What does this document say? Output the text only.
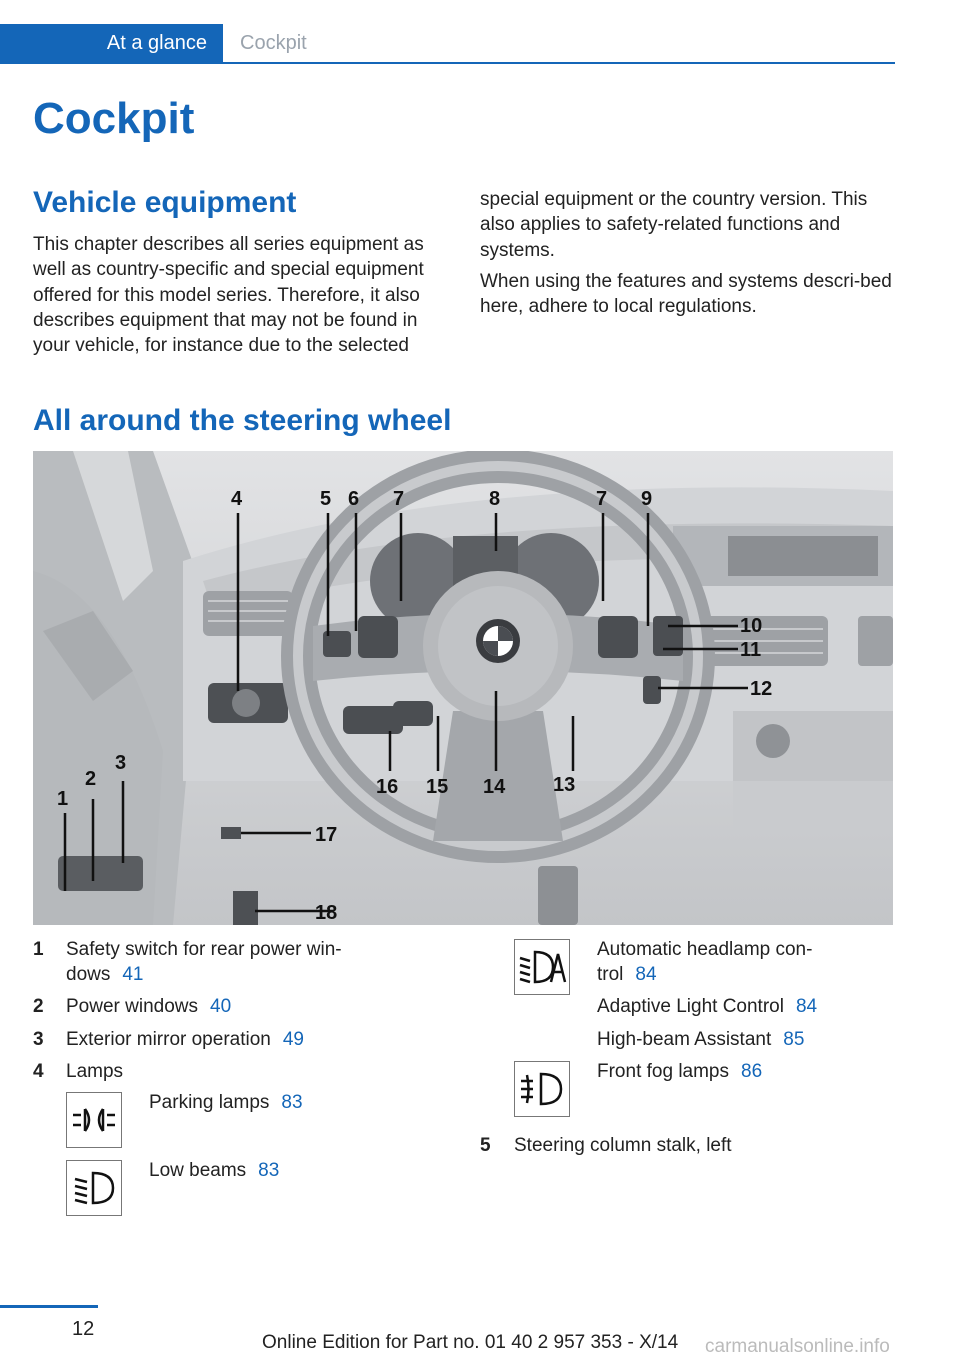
At a glance	Cockpit
Cockpit
Vehicle equipment

This chapter describes all series equipment as well as country-specific and special equipment offered for this model series. Therefore, it also describes equipment that may not be found in your vehicle, for instance due to the selected

special equipment or the country version. This also applies to safety-related functions and systems.

When using the features and systems descri-bed here, adhere to local regulations.

All around the steering wheel
1
2
3
4	5 6 7	8	7 9
10
11
12
13
14
15
16
17
18
1 Safety switch for rear power win-
dows 41
2 Power windows 40
3 Exterior mirror operation 49
4 Lamps
Parking lamps 83
Low beams 83
Automatic headlamp con-
trol 84
Adaptive Light Control 84
High-beam Assistant 85
Front fog lamps 86
5 Steering column stalk, left
12
Online Edition for Part no. 01 40 2 957 353 - X/14 carmanualsonline.info
